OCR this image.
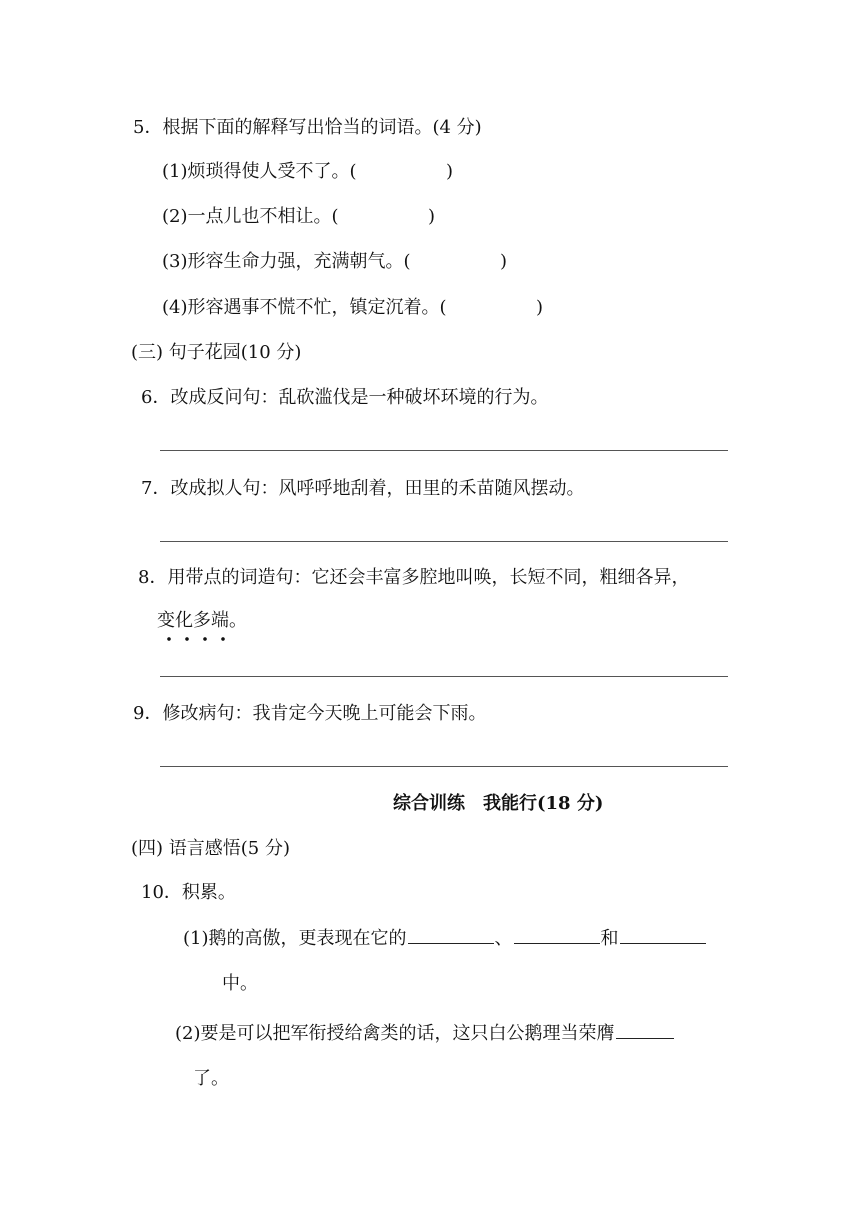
5．根据下面的解释写出恰当的词语。(4 分)
(1)烦琐得使人受不了。(	)
(2)一点儿也不相让。(	)
(3)形容生命力强，充满朝气。(	)
(4)形容遇事不慌不忙，镇定沉着。(	)
(三) 句子花园(10 分)
6．改成反问句：乱砍滥伐是一种破坏环境的行为。
7．改成拟人句：风呼呼地刮着，田里的禾苗随风摆动。
8．用带点的词造句：它还会丰富多腔地叫唤，长短不同，粗细各异，
变化多端。
9．修改病句：我肯定今天晚上可能会下雨。
综合训练　我能行(18 分)
(四) 语言感悟(5 分)
10．积累。
(1)鹅的高傲，更表现在它的	、	和
中。
(2)要是可以把军衔授给禽类的话，这只白公鹅理当荣膺
了。
